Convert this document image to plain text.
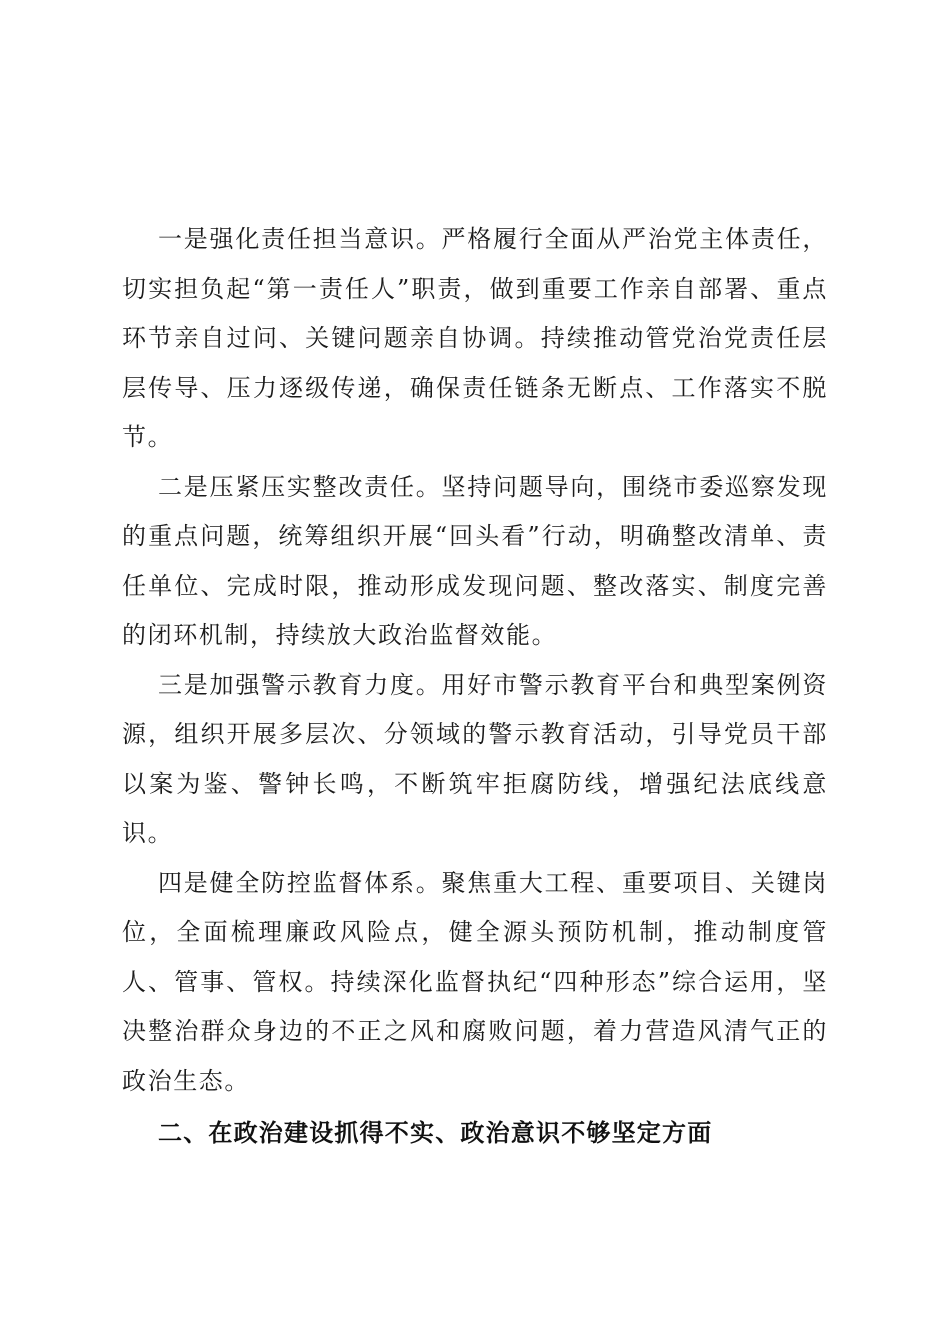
一是强化责任担当意识。严格履行全面从严治党主体责任，切实担负起“第一责任人”职责，做到重要工作亲自部署、重点环节亲自过问、关键问题亲自协调。持续推动管党治党责任层层传导、压力逐级传递，确保责任链条无断点、工作落实不脱节。

二是压紧压实整改责任。坚持问题导向，围绕市委巡察发现的重点问题，统筹组织开展“回头看”行动，明确整改清单、责任单位、完成时限，推动形成发现问题、整改落实、制度完善的闭环机制，持续放大政治监督效能。

三是加强警示教育力度。用好市警示教育平台和典型案例资源，组织开展多层次、分领域的警示教育活动，引导党员干部以案为鉴、警钟长鸣，不断筑牢拒腐防线，增强纪法底线意识。

四是健全防控监督体系。聚焦重大工程、重要项目、关键岗位，全面梳理廉政风险点，健全源头预防机制，推动制度管人、管事、管权。持续深化监督执纪“四种形态”综合运用，坚决整治群众身边的不正之风和腐败问题，着力营造风清气正的政治生态。

二、在政治建设抓得不实、政治意识不够坚定方面
